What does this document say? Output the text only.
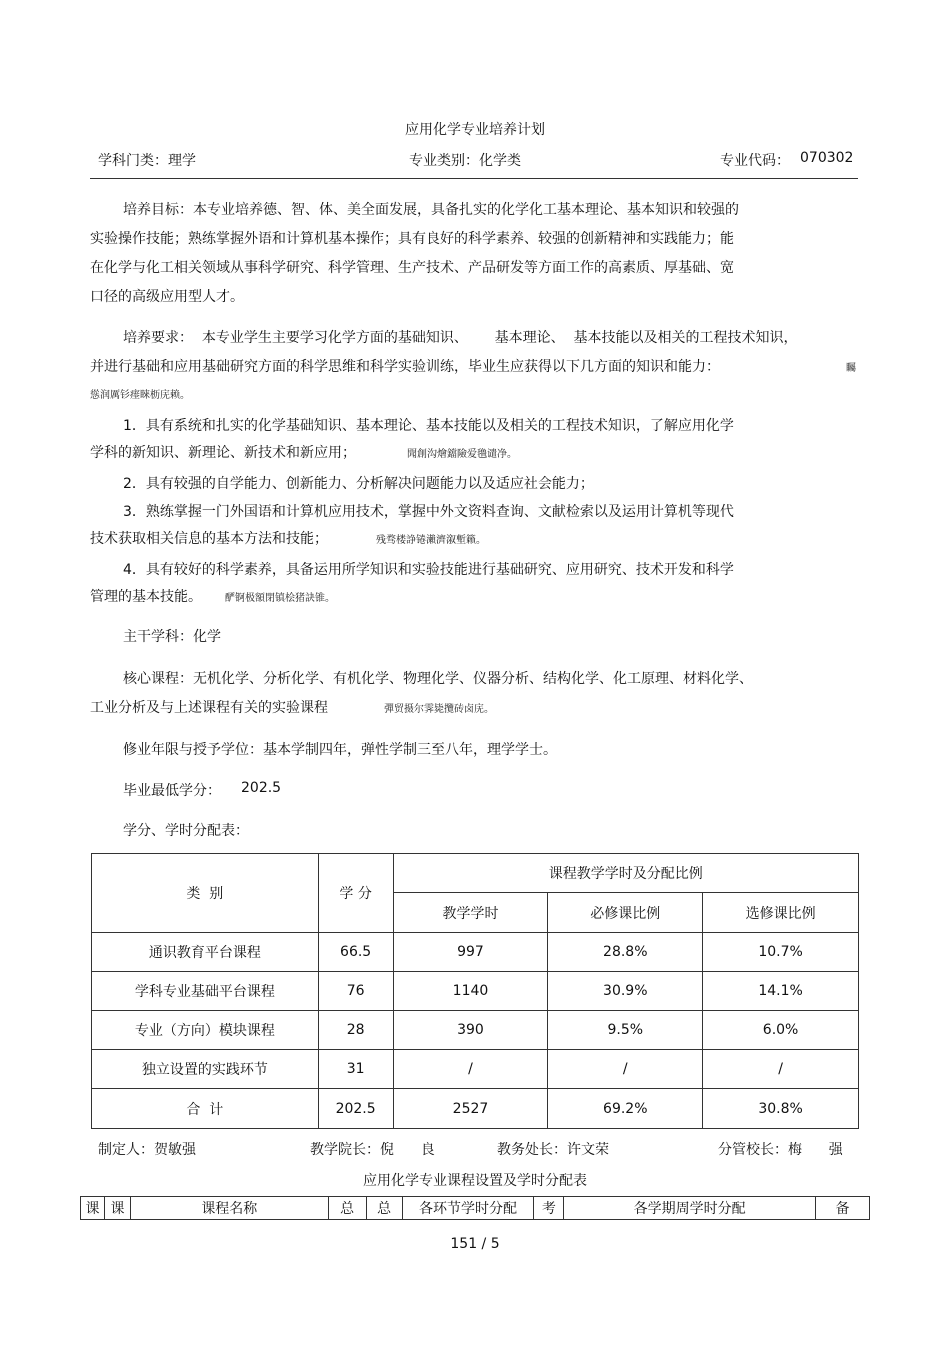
应用化学专业培养计划
学科门类：理学	专业类别：化学类	专业代码： 070302
培养目标：本专业培养德、智、体、美全面发展，具备扎实的化学化工基本理论、基本知识和较强的
实验操作技能；熟练掌握外语和计算机基本操作；具有良好的科学素养、较强的创新精神和实践能力；能
在化学与化工相关领域从事科学研究、科学管理、生产技术、产品研发等方面工作的高素质、厚基础、宽
口径的高级应用型人才。
培养要求：  本专业学生主要学习化学方面的基础知识、      基本理论、  基本技能以及相关的工程技术知识，
并进行基础和应用基础研究方面的科学思维和科学实验训练，毕业生应获得以下几方面的知识和能力：	矚
慫润厲钐瘗睞枥庑赖。
1．具有系统和扎实的化学基础知识、基本理论、基本技能以及相关的工程技术知识，了解应用化学
学科的新知识、新理论、新技术和新应用；	聞創沟燴鐺險爱氇谴净。
2．具有较强的自学能力、创新能力、分析解决问题能力以及适应社会能力；
3．熟练掌握一门外国语和计算机应用技术，掌握中外文资料查询、文献检索以及运用计算机等现代
技术获取相关信息的基本方法和技能；	残骛楼諍锩瀨濟溆塹籟。
4．具有较好的科学素养，具备运用所学知识和实验技能进行基础研究、应用研究、技术开发和科学
管理的基本技能。 酽锕极額閉镇桧猪訣锥。
主干学科：化学
核心课程：无机化学、分析化学、有机化学、物理化学、仪器分析、结构化学、化工原理、材料化学、
工业分析及与上述课程有关的实验课程	彈贸摄尔霁毙攬砖卤庑。
修业年限与授予学位：基本学制四年，弹性学制三至八年，理学学士。
毕业最低学分： 202.5
学分、学时分配表：
类  别	学 分	课程教学学时及分配比例		
		教学学时	必修课比例	选修课比例
通识教育平台课程	66.5	997	28.8%	10.7%
学科专业基础平台课程	76	1140	30.9%	14.1%
专业（方向）模块课程	28	390	9.5%	6.0%
独立设置的实践环节	31	/	/	/
合  计	202.5	2527	69.2%	30.8%
制定人：贺敏强	教学院长：倪      良	教务处长：许文荣	分管校长：梅      强
应用化学专业课程设置及学时分配表
课	课	课程名称	总	总	各环节学时分配	考	各学期周学时分配	备
151 / 5
